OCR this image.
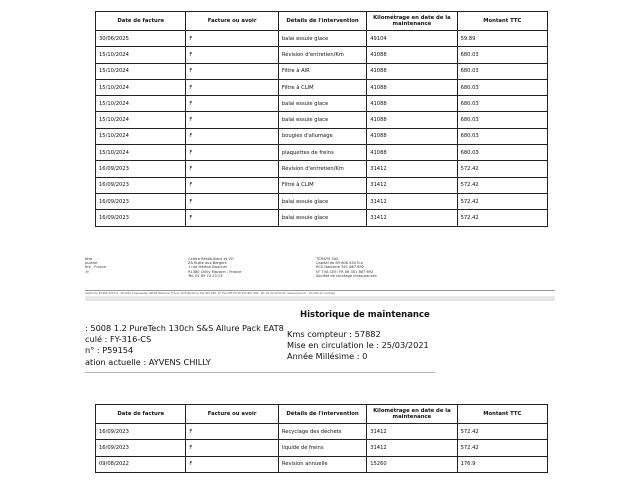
Date de facture	Facture ou avoir	Détails de l'intervention	Kilométrage en date de la maintenance	Montant TTC
30/06/2025	F	balai essuie glace	49104	59.89
15/10/2024	F	Révision d'entretien/Km	41088	680.03
15/10/2024	F	Filtre à AIR	41088	680.03
15/10/2024	F	Filtre à CLIM	41088	680.03
15/10/2024	F	balai essuie glace	41088	680.03
15/10/2024	F	balai essuie glace	41088	680.03
15/10/2024	F	bougies d'allumage	41088	680.03
15/10/2024	F	plaquettes de freins	41088	680.03
16/09/2023	F	Révision d'entretien/Km	31412	572.42
16/09/2023	F	Filtre à CLIM	31412	572.42
16/09/2023	F	balai essuie glace	31412	572.42
16/09/2023	F	balai essuie glace	31412	572.42
ètre
pulaire
ère - France
-fr
Centre Restitutions et VO
ZA Butte aux Bergers
1 rue Hélène Boucher
91380 Chilly Mazarin - France
Tél. 01 69 74 23 23
TEMSYS SAS
Capital de 89 606 430 Eur
RCS Nanterre 351 867 692
N° TVA CEE: FR 06 351 867 692
Société de courtage d'assurances
capital de 89 606 430 Eur, 38 Allée d'Aguesseau 92000 Nanterre, France, RCS Nanterre 351 867 692, N° TVA CEE FR 06 351 867 692 - Tél. 01 41 50 01 01, www.ayvens.fr - Société de courtage
Historique de maintenance
: 5008 1.2 PureTech 130ch S&S Allure Pack EAT8
culé : FY-316-CS
n° : P59154
ation actuelle : AYVENS CHILLY
Kms compteur : 57882
Mise en circulation le : 25/03/2021
Année Millésime : 0
Date de facture	Facture ou avoir	Détails de l'intervention	Kilométrage en date de la maintenance	Montant TTC
16/09/2023	F	Recyclage des déchets	31412	572.42
16/09/2023	F	liquide de freins	31412	572.42
09/08/2022	F	Révision annuelle	15260	176.9
